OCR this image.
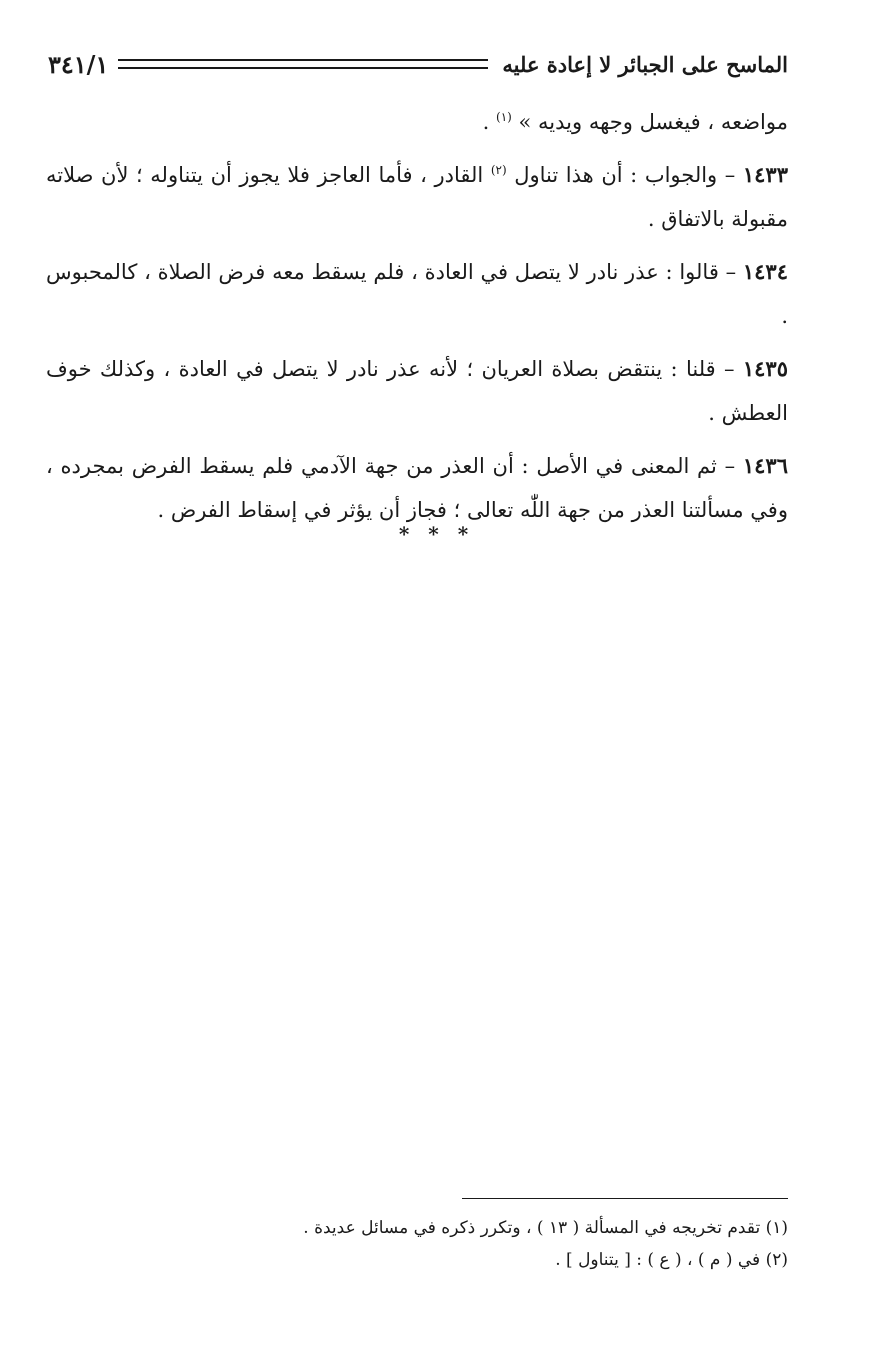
الماسح على الجبائر لا إعادة عليه
٣٤١/١

مواضعه ، فيغسل وجهه ويديه » $^{(١)}$ .

١٤٣٣ – والجواب : أن هذا تناول $^{(٢)}$ القادر ، فأما العاجز فلا يجوز أن يتناوله ؛ لأن صلاته مقبولة بالاتفاق .

١٤٣٤ – قالوا : عذر نادر لا يتصل في العادة ، فلم يسقط معه فرض الصلاة ، كالمحبوس .

١٤٣٥ – قلنا : ينتقض بصلاة العريان ؛ لأنه عذر نادر لا يتصل في العادة ، وكذلك خوف العطش .

١٤٣٦ – ثم المعنى في الأصل : أن العذر من جهة الآدمي فلم يسقط الفرض بمجرده ، وفي مسألتنا العذر من جهة اللّٰه تعالى ؛ فجاز أن يؤثر في إسقاط الفرض .

* * *

(١) تقدم تخريجه في المسألة ( ١٣ ) ، وتكرر ذكره في مسائل عديدة .

(٢) في ( م ) ، ( ع ) : [ يتناول ] .
